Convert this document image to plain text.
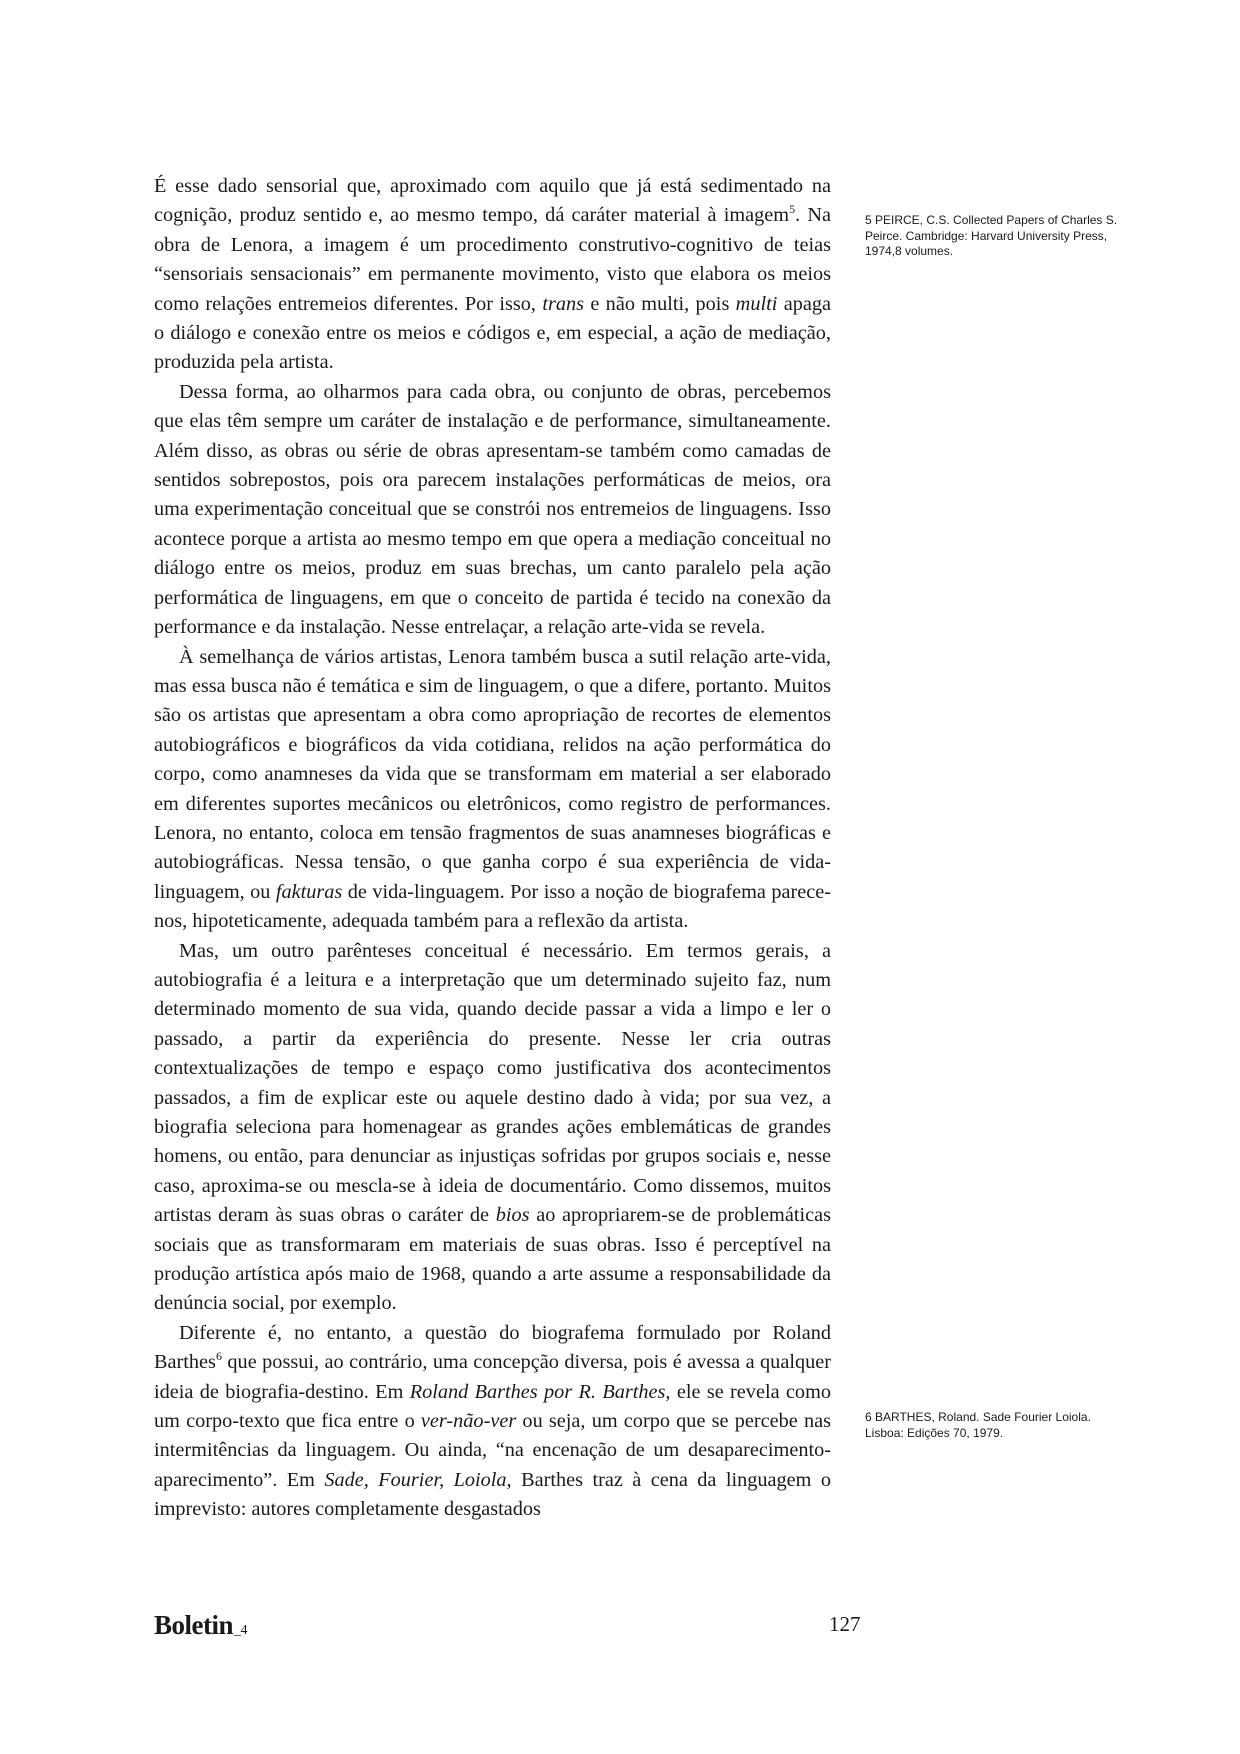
É esse dado sensorial que, aproximado com aquilo que já está sedimentado na cognição, produz sentido e, ao mesmo tempo, dá caráter material à imagem$^5$. Na obra de Lenora, a imagem é um procedimento construtivo-cognitivo de teias “sensoriais sensacionais” em permanente movimento, visto que elabora os meios como relações entremeios diferentes. Por isso, trans e não multi, pois multi apaga o diálogo e conexão entre os meios e códigos e, em especial, a ação de mediação, produzida pela artista.

Dessa forma, ao olharmos para cada obra, ou conjunto de obras, percebemos que elas têm sempre um caráter de instalação e de performance, simultaneamente. Além disso, as obras ou série de obras apresentam-se também como camadas de sentidos sobrepostos, pois ora parecem instalações performáticas de meios, ora uma experimentação conceitual que se constrói nos entremeios de linguagens. Isso acontece porque a artista ao mesmo tempo em que opera a mediação conceitual no diálogo entre os meios, produz em suas brechas, um canto paralelo pela ação performática de linguagens, em que o conceito de partida é tecido na conexão da performance e da instalação. Nesse entrelaçar, a relação arte-vida se revela.

À semelhança de vários artistas, Lenora também busca a sutil relação arte-vida, mas essa busca não é temática e sim de linguagem, o que a difere, portanto. Muitos são os artistas que apresentam a obra como apropriação de recortes de elementos autobiográficos e biográficos da vida cotidiana, relidos na ação performática do corpo, como anamneses da vida que se transformam em material a ser elaborado em diferentes suportes mecânicos ou eletrônicos, como registro de performances. Lenora, no entanto, coloca em tensão fragmentos de suas anamneses biográficas e autobiográficas. Nessa tensão, o que ganha corpo é sua experiência de vida-linguagem, ou fakturas de vida-linguagem. Por isso a noção de biografema parece-nos, hipoteticamente, adequada também para a reflexão da artista.

Mas, um outro parênteses conceitual é necessário. Em termos gerais, a autobiografia é a leitura e a interpretação que um determinado sujeito faz, num determinado momento de sua vida, quando decide passar a vida a limpo e ler o passado, a partir da experiência do presente. Nesse ler cria outras contextualizações de tempo e espaço como justificativa dos acontecimentos passados, a fim de explicar este ou aquele destino dado à vida; por sua vez, a biografia seleciona para homenagear as grandes ações emblemáticas de grandes homens, ou então, para denunciar as injustiças sofridas por grupos sociais e, nesse caso, aproxima-se ou mescla-se à ideia de documentário. Como dissemos, muitos artistas deram às suas obras o caráter de bios ao apropriarem-se de problemáticas sociais que as transformaram em materiais de suas obras. Isso é perceptível na produção artística após maio de 1968, quando a arte assume a responsabilidade da denúncia social, por exemplo.

Diferente é, no entanto, a questão do biografema formulado por Roland Barthes$^6$ que possui, ao contrário, uma concepção diversa, pois é avessa a qualquer ideia de biografia-destino. Em Roland Barthes por R. Barthes, ele se revela como um corpo-texto que fica entre o ver-não-ver ou seja, um corpo que se percebe nas intermitências da linguagem. Ou ainda, “na encenação de um desaparecimento-aparecimento”. Em Sade, Fourier, Loiola, Barthes traz à cena da linguagem o imprevisto: autores completamente desgastados

5 PEIRCE, C.S. Collected Papers of Charles S.
Peirce. Cambridge: Harvard University Press,
1974,8 volumes.
6 BARTHES, Roland. Sade Fourier Loiola.
Lisboa: Edições 70, 1979.
Boletin_4	127
